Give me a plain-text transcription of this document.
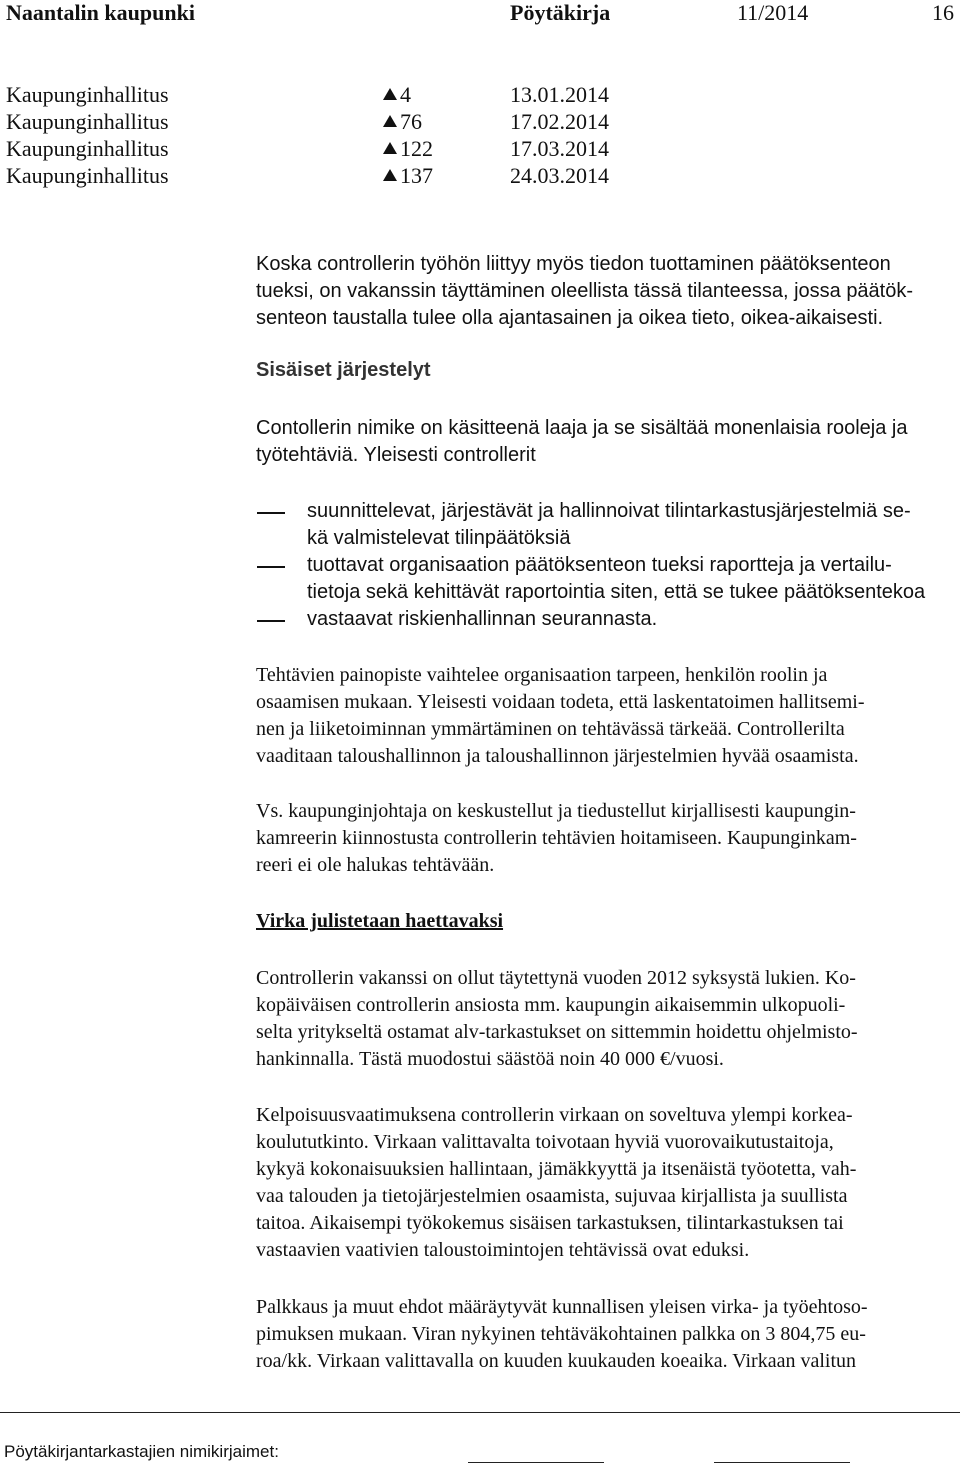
Naantalin kaupunki	Pöytäkirja	11/2014	16
Kaupunginhallitus	4	13.01.2014
Kaupunginhallitus	76	17.02.2014
Kaupunginhallitus	122	17.03.2014
Kaupunginhallitus	137	24.03.2014
Koska controllerin työhön liittyy myös tiedon tuottaminen päätöksenteon
tueksi, on vakanssin täyttäminen oleellista tässä tilanteessa, jossa päätök-
senteon taustalla tulee olla ajantasainen ja oikea tieto, oikea-aikaisesti.
Sisäiset järjestelyt
Contollerin nimike on käsitteenä laaja ja se sisältää monenlaisia rooleja ja
työtehtäviä. Yleisesti controllerit
suunnittelevat, järjestävät ja hallinnoivat tilintarkastusjärjestelmiä se-
kä valmistelevat tilinpäätöksiä
tuottavat organisaation päätöksenteon tueksi raportteja ja vertailu-
tietoja sekä kehittävät raportointia siten, että se tukee päätöksentekoa
vastaavat riskienhallinnan seurannasta.
Tehtävien painopiste vaihtelee organisaation tarpeen, henkilön roolin ja
osaamisen mukaan. Yleisesti voidaan todeta, että laskentatoimen hallitsemi-
nen ja liiketoiminnan ymmärtäminen on tehtävässä tärkeää. Controllerilta
vaaditaan taloushallinnon ja taloushallinnon järjestelmien hyvää osaamista.
Vs. kaupunginjohtaja on keskustellut ja tiedustellut kirjallisesti kaupungin-
kamreerin kiinnostusta controllerin tehtävien hoitamiseen. Kaupunginkam-
reeri ei ole halukas tehtävään.
Virka julistetaan haettavaksi
Controllerin vakanssi on ollut täytettynä vuoden 2012 syksystä lukien. Ko-
kopäiväisen controllerin ansiosta mm. kaupungin aikaisemmin ulkopuoli-
selta yritykseltä ostamat alv-tarkastukset on sittemmin hoidettu ohjelmisto-
hankinnalla. Tästä muodostui säästöä noin 40 000 €/vuosi.
Kelpoisuusvaatimuksena controllerin virkaan on soveltuva ylempi korkea-
koulututkinto. Virkaan valittavalta toivotaan hyviä vuorovaikutustaitoja,
kykyä kokonaisuuksien hallintaan, jämäkkyyttä ja itsenäistä työotetta, vah-
vaa talouden ja tietojärjestelmien osaamista, sujuvaa kirjallista ja suullista
taitoa. Aikaisempi työkokemus sisäisen tarkastuksen, tilintarkastuksen tai
vastaavien vaativien taloustoimintojen tehtävissä ovat eduksi.
Palkkaus ja muut ehdot määräytyvät kunnallisen yleisen virka- ja työehtoso-
pimuksen mukaan. Viran nykyinen tehtäväkohtainen palkka on 3 804,75 eu-
roa/kk. Virkaan valittavalla on kuuden kuukauden koeaika. Virkaan valitun
Pöytäkirjantarkastajien nimikirjaimet:
